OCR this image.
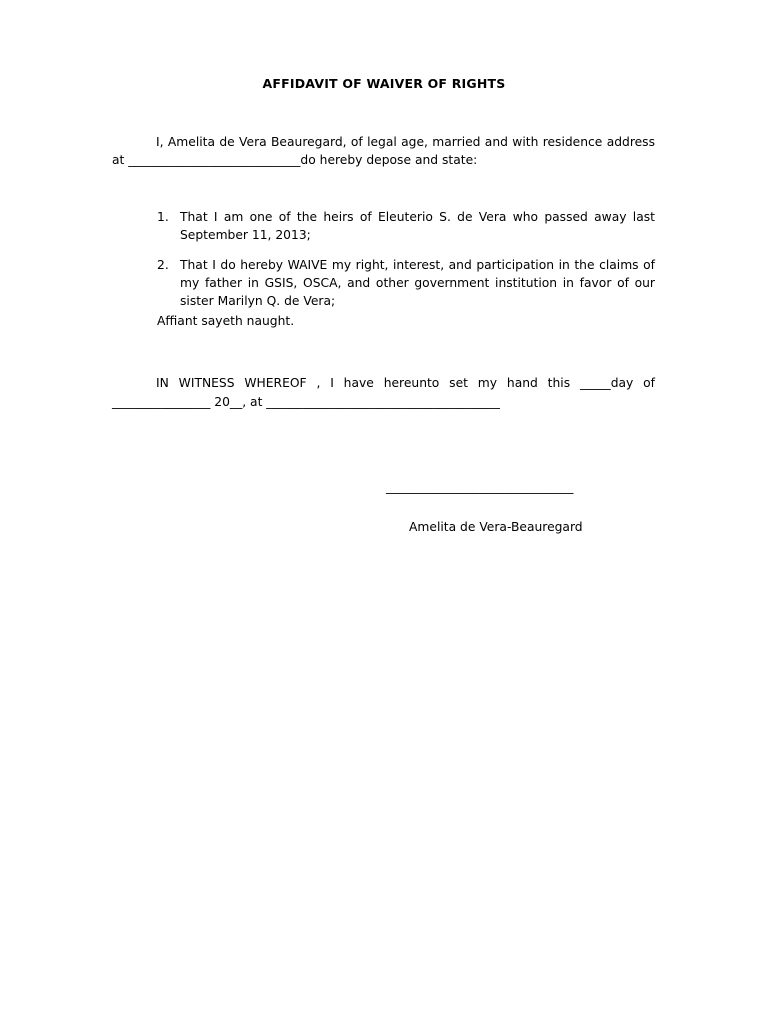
AFFIDAVIT OF WAIVER OF RIGHTS
I, Amelita de Vera Beauregard, of legal age, married and with residence address at ____________________________do hereby depose and state:
1. That I am one of the heirs of Eleuterio S. de Vera who passed away last September 11, 2013;
2. That I do hereby WAIVE my right, interest, and participation in the claims of my father in GSIS, OSCA, and other government institution in favor of our sister Marilyn Q. de Vera;
Affiant sayeth naught.
IN WITNESS WHEREOF , I have hereunto set my hand this _____day of ________________ 20__, at ______________________________________
______________________________
Amelita de Vera-Beauregard
